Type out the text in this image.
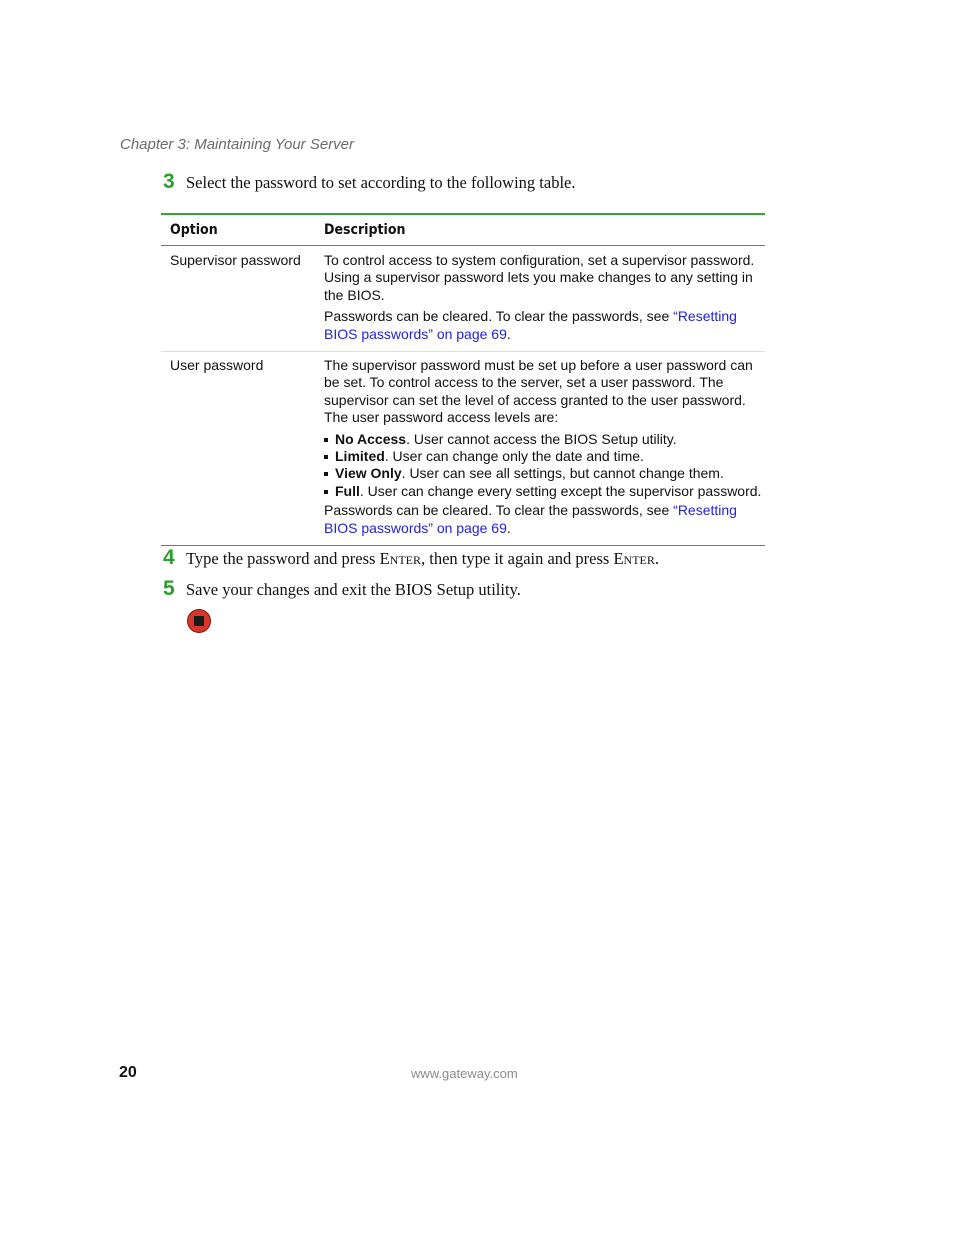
Chapter 3: Maintaining Your Server
3 Select the password to set according to the following table.
Option	Description
Supervisor password	To control access to system configuration, set a supervisor password. Using a supervisor password lets you make changes to any setting in the BIOS.

Passwords can be cleared. To clear the passwords, see “Resetting BIOS passwords” on page 69.

User password	The supervisor password must be set up before a user password can be set. To control access to the server, set a user password. The supervisor can set the level of access granted to the user password. The user password access levels are:

No Access. User cannot access the BIOS Setup utility.
Limited. User can change only the date and time.
View Only. User can see all settings, but cannot change them.
Full. User can change every setting except the supervisor password.

Passwords can be cleared. To clear the passwords, see “Resetting BIOS passwords” on page 69.

4 Type the password and press Enter, then type it again and press Enter.
5 Save your changes and exit the BIOS Setup utility.
20	www.gateway.com
